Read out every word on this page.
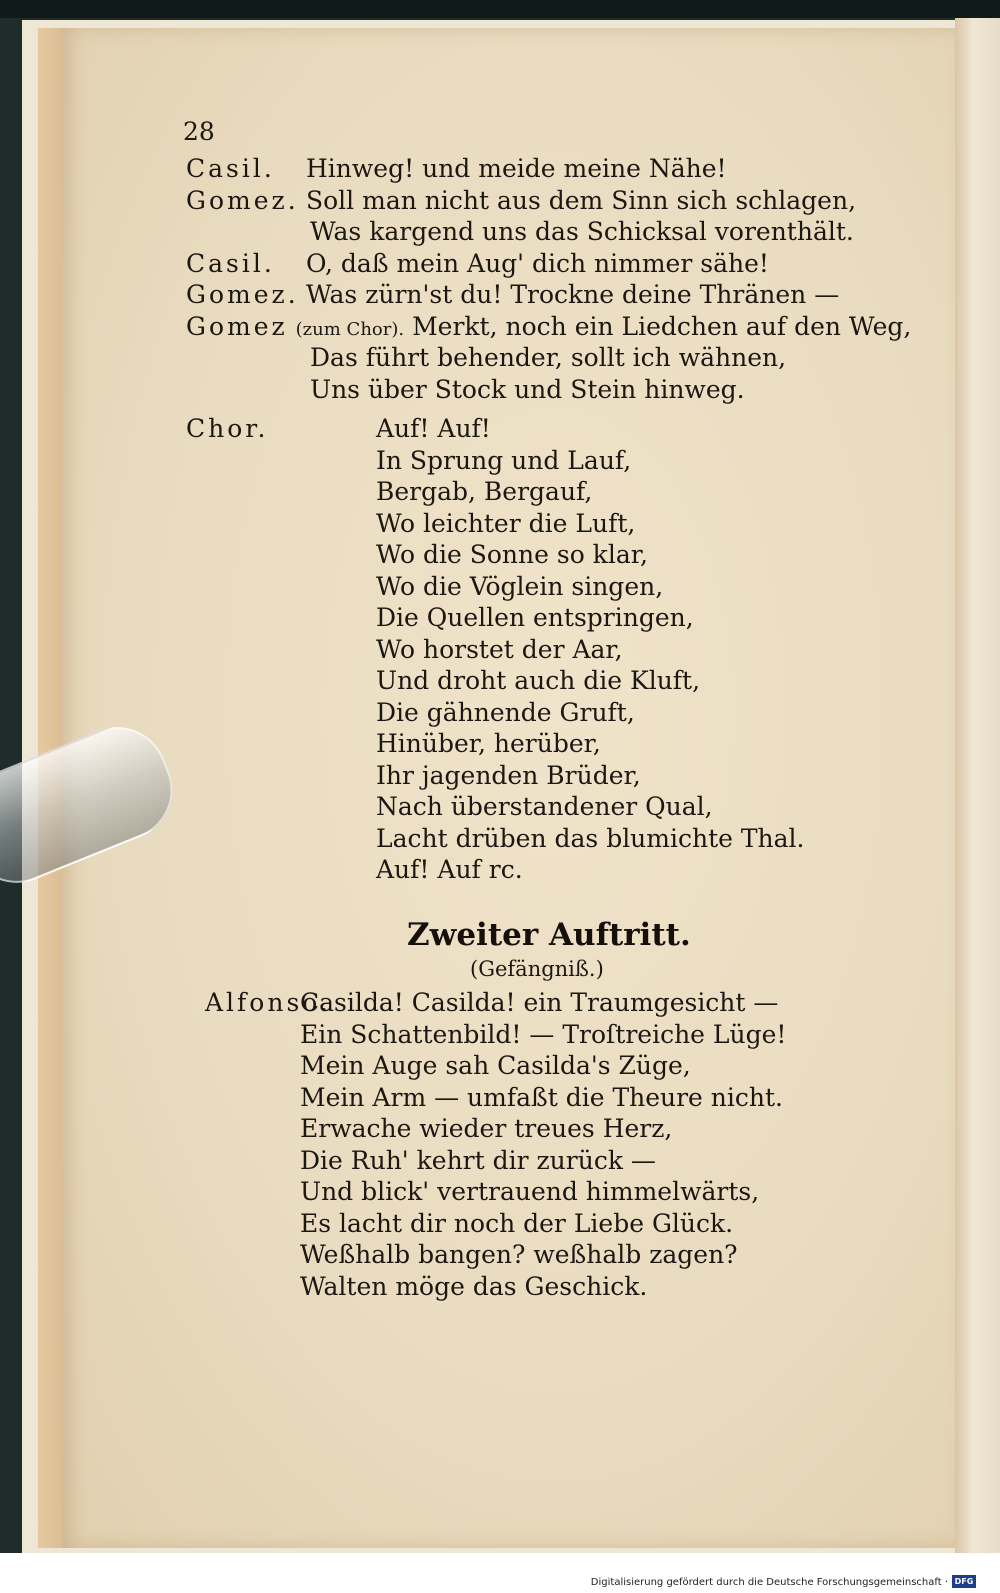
28
Casil. Hinweg! und meide meine Nähe!
Gomez. Soll man nicht aus dem Sinn sich schlagen,
Was kargend uns das Schicksal vorenthält.
Casil. O, daß mein Aug' dich nimmer sähe!
Gomez. Was zürn'st du! Trockne deine Thränen —
Gomez (zum Chor). Merkt, noch ein Liedchen auf den Weg,
Das führt behender, sollt ich wähnen,
Uns über Stock und Stein hinweg.
Chor.	Auf! Auf!
In Sprung und Lauf,
Bergab, Bergauf,
Wo leichter die Luft,
Wo die Sonne so klar,
Wo die Vöglein singen,
Die Quellen entspringen,
Wo horstet der Aar,
Und droht auch die Kluft,
Die gähnende Gruft,
Hinüber, herüber,
Ihr jagenden Brüder,
Nach überstandener Qual,
Lacht drüben das blumichte Thal.
Auf! Auf rc.
Zweiter Auftritt.
(Gefängniß.)
Alfonso.
Casilda! Casilda! ein Traumgesicht —
Ein Schattenbild! — Troſtreiche Lüge!
Mein Auge sah Casilda's Züge,
Mein Arm — umfaßt die Theure nicht.
Erwache wieder treues Herz,
Die Ruh' kehrt dir zurück —
Und blick' vertrauend himmelwärts,
Es lacht dir noch der Liebe Glück.
Weßhalb bangen? weßhalb zagen?
Walten möge das Geschick.
Digitalisierung gefördert durch die Deutsche Forschungsgemeinschaft · DFG
